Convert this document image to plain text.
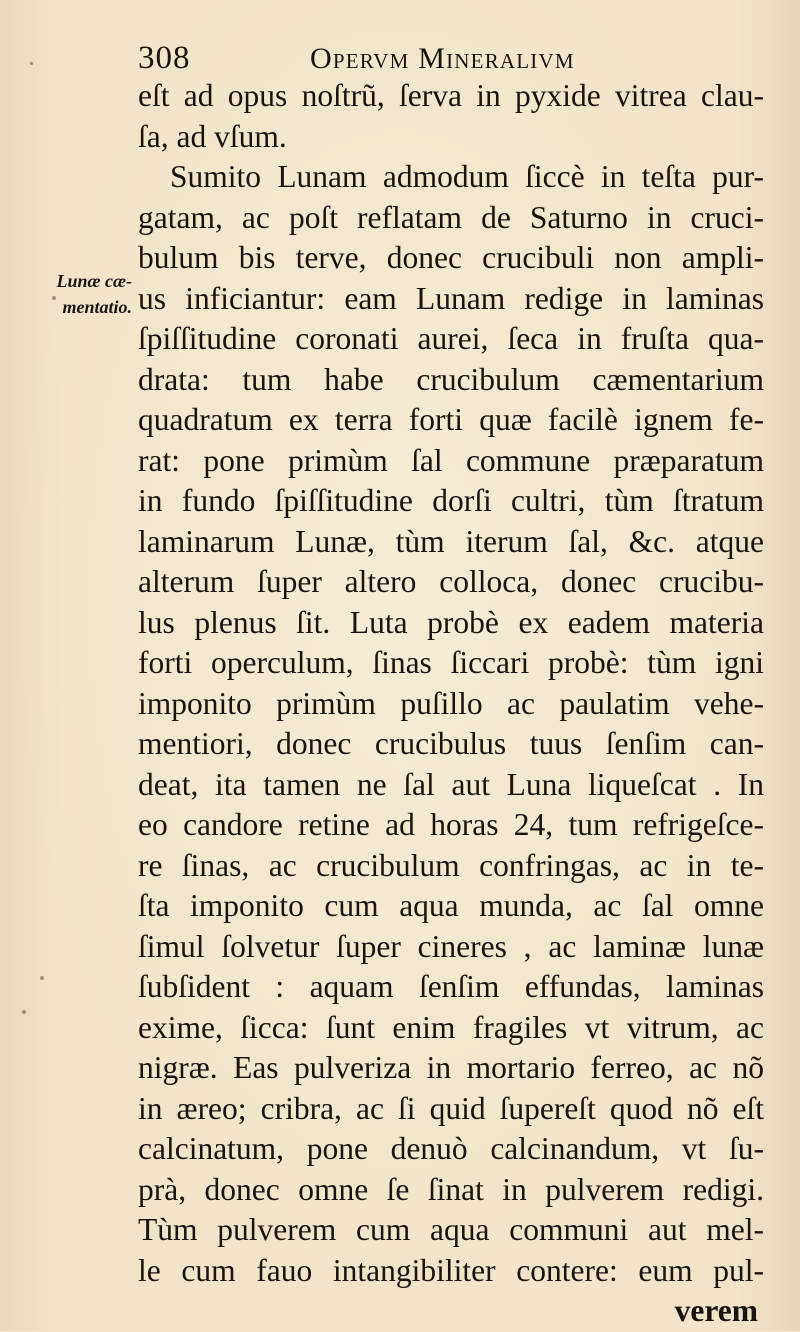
308	Opervm Mineralivm
Lunæ cæ-
mentatio.
eſt ad opus noſtrũ, ſerva in pyxide vitrea clau-
ſa, ad vſum.
Sumito Lunam admodum ſiccè in teſta pur-
gatam, ac poſt reflatam de Saturno in cruci-
bulum bis terve, donec crucibuli non ampli-
us inficiantur: eam Lunam redige in laminas
ſpiſſitudine coronati aurei, ſeca in fruſta qua-
drata: tum habe crucibulum cæmentarium
quadratum ex terra forti quæ facilè ignem fe-
rat: pone primùm ſal commune præparatum
in fundo ſpiſſitudine dorſi cultri, tùm ſtratum
laminarum Lunæ, tùm iterum ſal, &c. atque
alterum ſuper altero colloca, donec crucibu-
lus plenus ſit. Luta probè ex eadem materia
forti operculum, ſinas ſiccari probè: tùm igni
imponito primùm puſillo ac paulatim vehe-
mentiori, donec crucibulus tuus ſenſim can-
deat, ita tamen ne ſal aut Luna liqueſcat . In
eo candore retine ad horas 24, tum refrigeſce-
re ſinas, ac crucibulum confringas, ac in te-
ſta imponito cum aqua munda, ac ſal omne
ſimul ſolvetur ſuper cineres , ac laminæ lunæ
ſubſident : aquam ſenſim effundas, laminas
exime, ſicca: ſunt enim fragiles vt vitrum, ac
nigræ. Eas pulveriza in mortario ferreo, ac nõ
in æreo; cribra, ac ſi quid ſupereſt quod nõ eſt
calcinatum, pone denuò calcinandum, vt ſu-
prà, donec omne ſe ſinat in pulverem redigi.
Tùm pulverem cum aqua communi aut mel-
le cum fauo intangibiliter contere: eum pul-
verem
